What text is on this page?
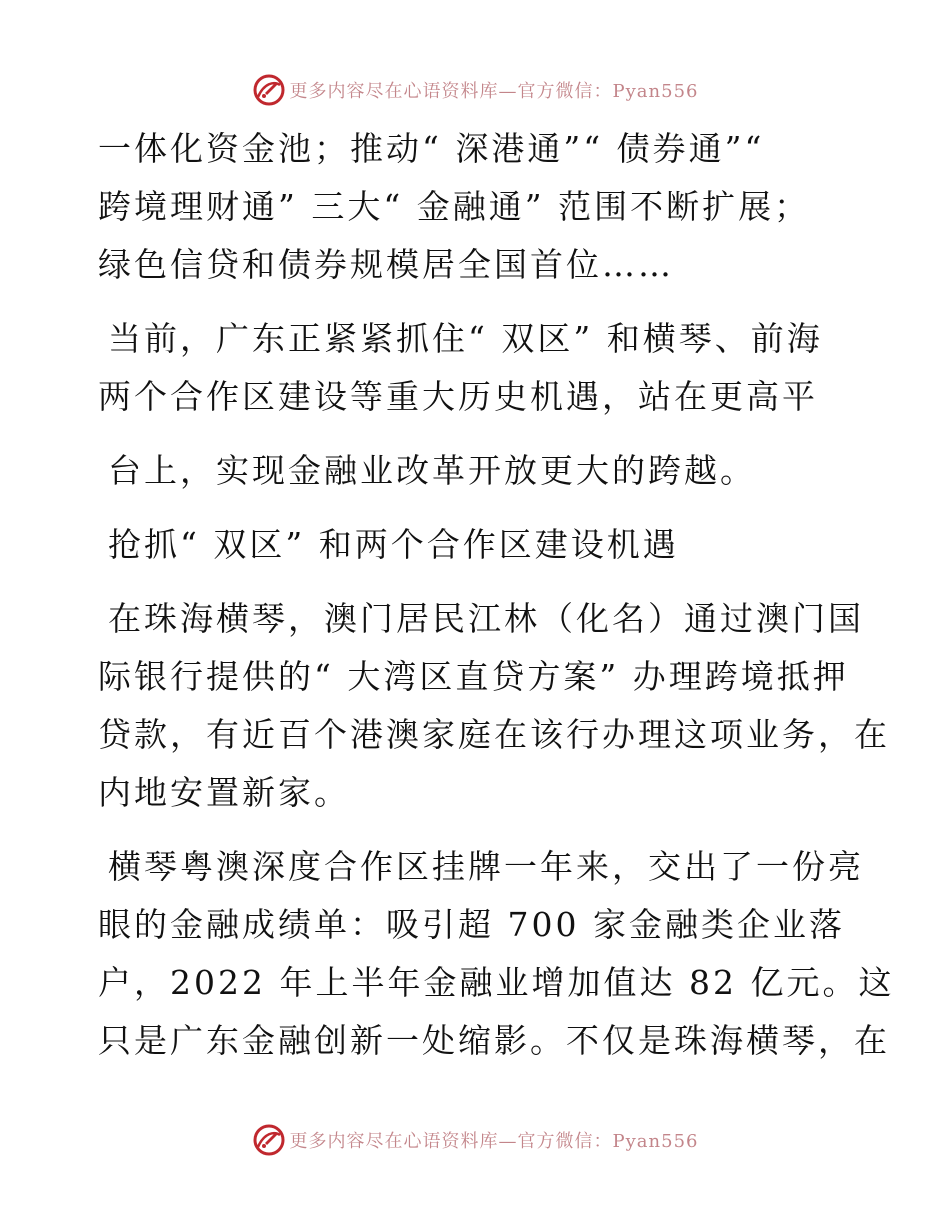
更多内容尽在心语资料库—官方微信：Pyan556
一体化资金池；推动“ 深港通”“ 债券通”“
跨境理财通” 三大“ 金融通” 范围不断扩展；
绿色信贷和债券规模居全国首位……
当前，广东正紧紧抓住“ 双区” 和横琴、前海
两个合作区建设等重大历史机遇，站在更高平
台上，实现金融业改革开放更大的跨越。
抢抓“ 双区” 和两个合作区建设机遇
在珠海横琴，澳门居民江林（化名）通过澳门国
际银行提供的“ 大湾区直贷方案” 办理跨境抵押
贷款，有近百个港澳家庭在该行办理这项业务，在
内地安置新家。
横琴粤澳深度合作区挂牌一年来，交出了一份亮
眼的金融成绩单：吸引超 700 家金融类企业落
户，2022 年上半年金融业增加值达 82 亿元。这
只是广东金融创新一处缩影。不仅是珠海横琴，在
更多内容尽在心语资料库—官方微信：Pyan556
